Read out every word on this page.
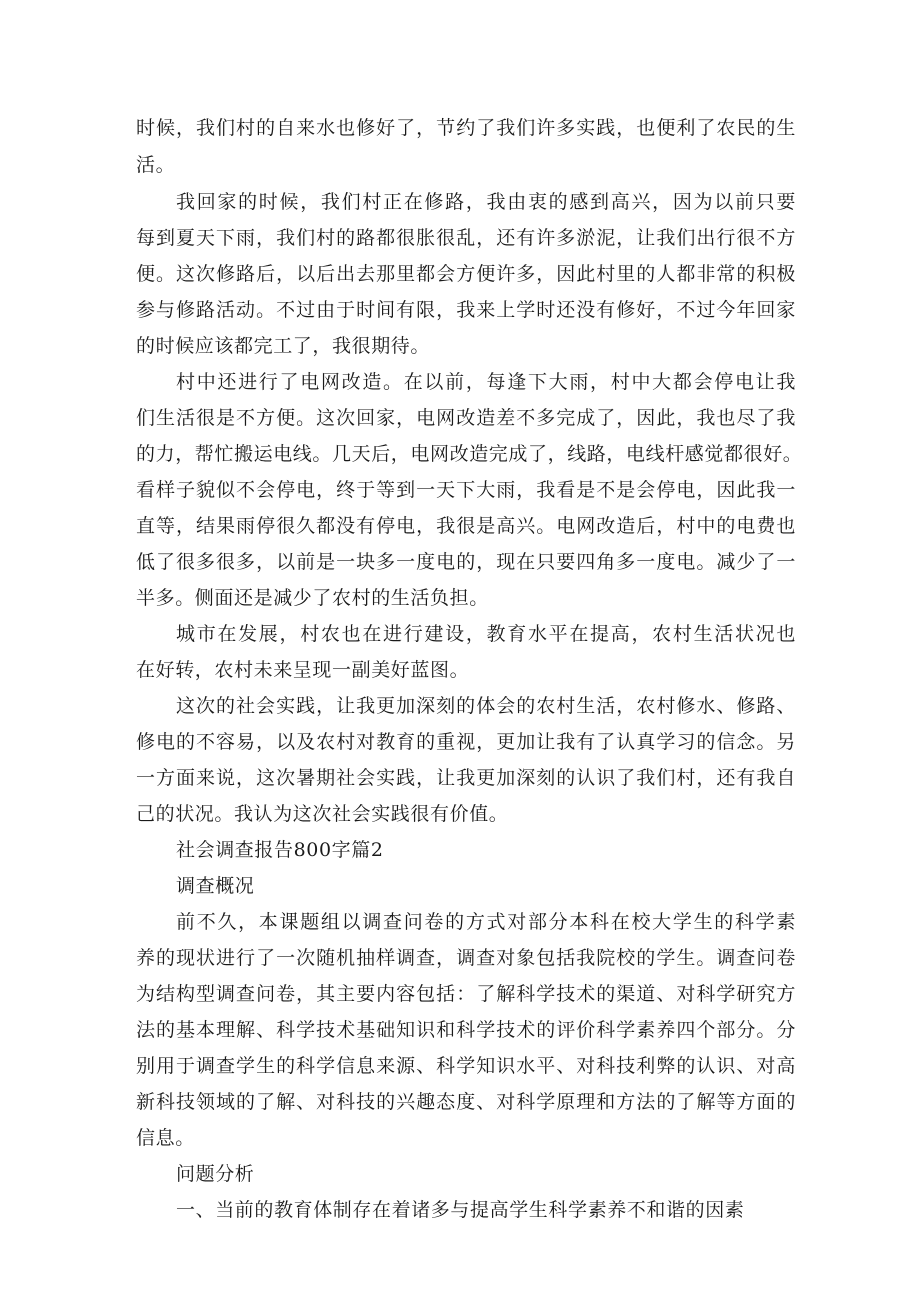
时候，我们村的自来水也修好了，节约了我们许多实践，也便利了农民的生
活。
我回家的时候，我们村正在修路，我由衷的感到高兴，因为以前只要
每到夏天下雨，我们村的路都很胀很乱，还有许多淤泥，让我们出行很不方
便。这次修路后，以后出去那里都会方便许多，因此村里的人都非常的积极
参与修路活动。不过由于时间有限，我来上学时还没有修好，不过今年回家
的时候应该都完工了，我很期待。
村中还进行了电网改造。在以前，每逢下大雨，村中大都会停电让我
们生活很是不方便。这次回家，电网改造差不多完成了，因此，我也尽了我
的力，帮忙搬运电线。几天后，电网改造完成了，线路，电线杆感觉都很好。
看样子貌似不会停电，终于等到一天下大雨，我看是不是会停电，因此我一
直等，结果雨停很久都没有停电，我很是高兴。电网改造后，村中的电费也
低了很多很多，以前是一块多一度电的，现在只要四角多一度电。减少了一
半多。侧面还是减少了农村的生活负担。
城市在发展，村农也在进行建设，教育水平在提高，农村生活状况也
在好转，农村未来呈现一副美好蓝图。
这次的社会实践，让我更加深刻的体会的农村生活，农村修水、修路、
修电的不容易，以及农村对教育的重视，更加让我有了认真学习的信念。另
一方面来说，这次暑期社会实践，让我更加深刻的认识了我们村，还有我自
己的状况。我认为这次社会实践很有价值。
社会调查报告800字篇2
调查概况
前不久，本课题组以调查问卷的方式对部分本科在校大学生的科学素
养的现状进行了一次随机抽样调查，调查对象包括我院校的学生。调查问卷
为结构型调查问卷，其主要内容包括：了解科学技术的渠道、对科学研究方
法的基本理解、科学技术基础知识和科学技术的评价科学素养四个部分。分
别用于调查学生的科学信息来源、科学知识水平、对科技利弊的认识、对高
新科技领域的了解、对科技的兴趣态度、对科学原理和方法的了解等方面的
信息。
问题分析
一、当前的教育体制存在着诸多与提高学生科学素养不和谐的因素
